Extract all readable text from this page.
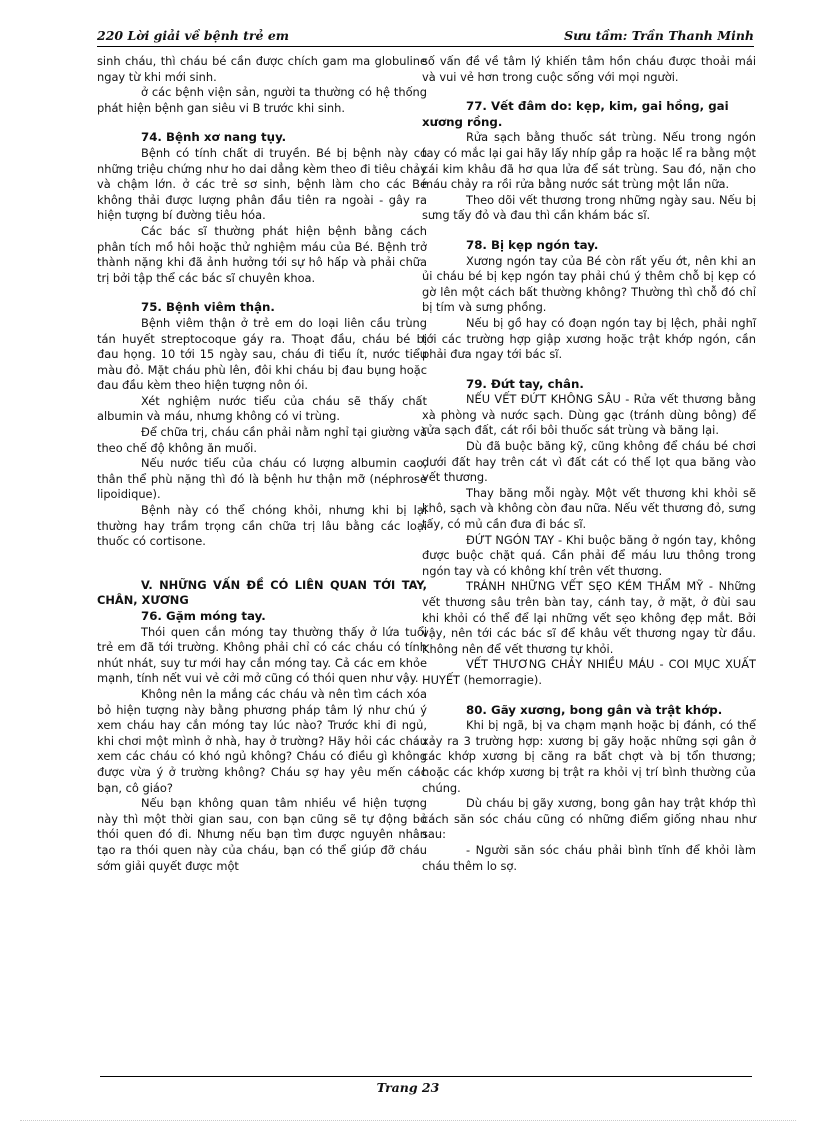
220 Lời giải về bệnh trẻ em	Sưu tầm: Trần Thanh Minh

sinh cháu, thì cháu bé cần được chích gam ma globuline ngay từ khi mới sinh.

ở các bệnh viện sản, người ta thường có hệ thống phát hiện bệnh gan siêu vi B trước khi sinh.

74. Bệnh xơ nang tụy.

Bệnh có tính chất di truyền. Bé bị bệnh này có những triệu chứng như ho dai dẳng kèm theo đi tiêu chảy và chậm lớn. ở các trẻ sơ sinh, bệnh làm cho các Bé không thải được lượng phân đầu tiên ra ngoài - gây ra hiện tượng bí đường tiêu hóa.

Các bác sĩ thường phát hiện bệnh bằng cách phân tích mồ hôi hoặc thử nghiệm máu của Bé. Bệnh trở thành nặng khi đã ảnh hưởng tới sự hô hấp và phải chữa trị bởi tập thể các bác sĩ chuyên khoa.

75. Bệnh viêm thận.

Bệnh viêm thận ở trẻ em do loại liên cầu trùng tán huyết streptocoque gáy ra. Thoạt đầu, cháu bé bị đau họng. 10 tới 15 ngày sau, cháu đi tiểu ít, nước tiểu màu đỏ. Mặt cháu phù lên, đôi khi cháu bị đau bụng hoặc đau đầu kèm theo hiện tượng nôn ói.

Xét nghiệm nước tiểu của cháu sẽ thấy chất albumin và máu, nhưng không có vi trùng.

Để chữa trị, cháu cần phải nằm nghỉ tại giường và theo chế độ không ăn muối.

Nếu nước tiểu của cháu có lượng albumin cao, thân thể phù nặng thì đó là bệnh hư thận mỡ (néphrose lipoidique).

Bệnh này có thể chóng khỏi, nhưng khi bị lại thường hay trầm trọng cần chữa trị lâu bằng các loại thuốc có cortisone.

V. NHỮNG VẤN ĐỀ CÓ LIÊN QUAN TỚI TAY, CHÂN, XƯƠNG
76. Gặm móng tay.

Thói quen cắn móng tay thường thấy ở lứa tuổi trẻ em đã tới trường. Không phải chỉ có các cháu có tính nhút nhát, suy tư mới hay cắn móng tay. Cả các em khỏe mạnh, tính nết vui vẻ cởi mở cũng có thói quen như vậy.

Không nên la mắng các cháu và nên tìm cách xóa bỏ hiện tượng này bằng phương pháp tâm lý như chú ý xem cháu hay cắn móng tay lúc nào? Trước khi đi ngủ, khi chơi một mình ở nhà, hay ở trường? Hãy hỏi các cháu xem các cháu có khó ngủ không? Cháu có điều gì không được vừa ý ở trường không? Cháu sợ hay yêu mến các bạn, cô giáo?

Nếu bạn không quan tâm nhiều về hiện tượng này thì một thời gian sau, con bạn cũng sẽ tự động bỏ thói quen đó đi. Nhưng nếu bạn tìm được nguyên nhân tạo ra thói quen này của cháu, bạn có thể giúp đỡ cháu sớm giải quyết được một

số vấn đề về tâm lý khiến tâm hồn cháu được thoải mái và vui vẻ hơn trong cuộc sống với mọi người.

77. Vết đâm do: kẹp, kim, gai hồng, gai xương rồng.

Rửa sạch bằng thuốc sát trùng. Nếu trong ngón tay có mắc lại gai hãy lấy nhíp gắp ra hoặc lể ra bằng một cái kim khâu đã hơ qua lửa để sát trùng. Sau đó, nặn cho máu chảy ra rồi rửa bằng nước sát trùng một lần nữa.

Theo dõi vết thương trong những ngày sau. Nếu bị sưng tấy đỏ và đau thì cần khám bác sĩ.

78. Bị kẹp ngón tay.

Xương ngón tay của Bé còn rất yếu ớt, nên khi an ủi cháu bé bị kẹp ngón tay phải chú ý thêm chỗ bị kẹp có gờ lên một cách bất thường không? Thường thì chỗ đó chỉ bị tím và sưng phồng.

Nếu bị gồ hay có đoạn ngón tay bị lệch, phải nghĩ tới các trường hợp giập xương hoặc trật khớp ngón, cần phải đưa ngay tới bác sĩ.

79. Đứt tay, chân.

NẾU VẾT ĐỨT KHÔNG SÂU - Rửa vết thương bằng xà phòng và nước sạch. Dùng gạc (tránh dùng bông) để rửa sạch đất, cát rồi bôi thuốc sát trùng và băng lại.

Dù đã buộc băng kỹ, cũng không để cháu bé chơi dưới đất hay trên cát vì đất cát có thể lọt qua băng vào vết thương.

Thay băng mỗi ngày. Một vết thương khi khỏi sẽ khô, sạch và không còn đau nữa. Nếu vết thương đỏ, sưng tấy, có mủ cần đưa đi bác sĩ.

ĐỨT NGÓN TAY - Khi buộc băng ở ngón tay, không được buộc chặt quá. Cần phải để máu lưu thông trong ngón tay và có không khí trên vết thương.

TRÁNH NHỮNG VẾT SẸO KÉM THẨM MỸ - Những vết thương sâu trên bàn tay, cánh tay, ở mặt, ở đùi sau khi khỏi có thể để lại những vết sẹo không đẹp mắt. Bởi vậy, nên tới các bác sĩ để khâu vết thương ngay từ đầu. Không nên để vết thương tự khỏi.

VẾT THƯƠNG CHẢY NHIỀU MÁU - COI MỤC XUẤT HUYẾT (hemorragie).

80. Gãy xương, bong gân và trật khớp.

Khi bị ngã, bị va chạm mạnh hoặc bị đánh, có thể xảy ra 3 trường hợp: xương bị gãy hoặc những sợi gân ở các khớp xương bị căng ra bất chợt và bị tổn thương; hoặc các khớp xương bị trật ra khỏi vị trí bình thường của chúng.

Dù cháu bị gãy xương, bong gân hay trật khớp thì cách săn sóc cháu cũng có những điểm giống nhau như sau:

- Người săn sóc cháu phải bình tĩnh để khỏi làm cháu thêm lo sợ.

Trang 23
